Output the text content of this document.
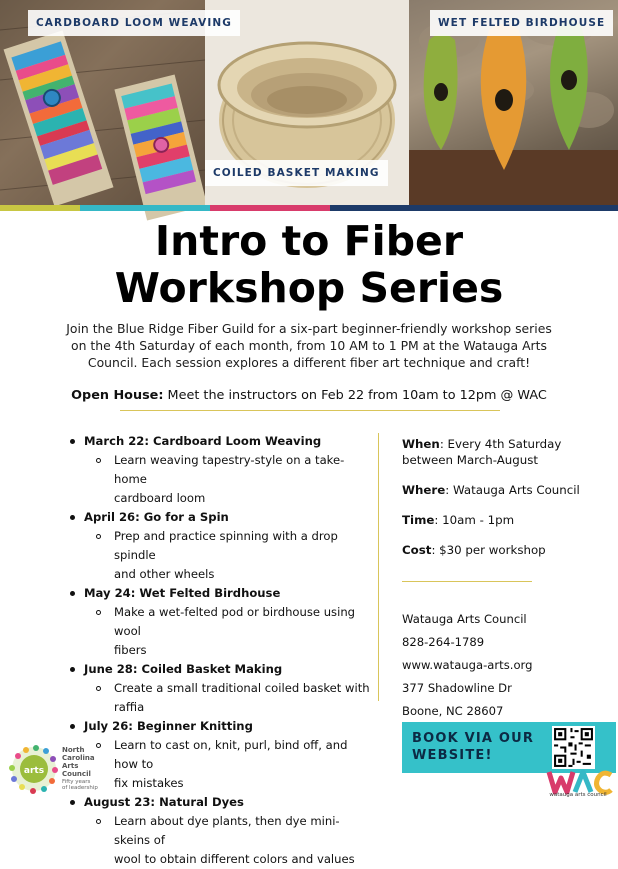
CARDBOARD LOOM WEAVING
COILED BASKET MAKING
WET FELTED BIRDHOUSE
Intro to Fiber
Workshop Series
Join the Blue Ridge Fiber Guild for a six-part beginner-friendly workshop series
on the 4th Saturday of each month, from 10 AM to 1 PM at the Watauga Arts
Council. Each session explores a different fiber art technique and craft!
Open House: Meet the instructors on Feb 22 from 10am to 12pm @ WAC
March 22: Cardboard Loom Weaving
Learn weaving tapestry-style on a take-home
cardboard loom
April 26: Go for a Spin
Prep and practice spinning with a drop spindle
and other wheels
May 24: Wet Felted Birdhouse
Make a wet-felted pod or birdhouse using wool
fibers
June 28: Coiled Basket Making
Create a small traditional coiled basket with
raffia
July 26: Beginner Knitting
Learn to cast on, knit, purl, bind off, and how to
fix mistakes
August 23: Natural Dyes
Learn about dye plants, then dye mini-skeins of
wool to obtain different colors and values
When: Every 4th Saturday
between March-August
Where: Watauga Arts Council
Time: 10am - 1pm
Cost: $30 per workshop
Watauga Arts Council
828-264-1789
www.watauga-arts.org
377 Shadowline Dr
Boone, NC 28607
BOOK VIA OUR
WEBSITE!
arts
North
Carolina
Arts
Council
Fifty years
of leadership
WAC
watauga arts council
